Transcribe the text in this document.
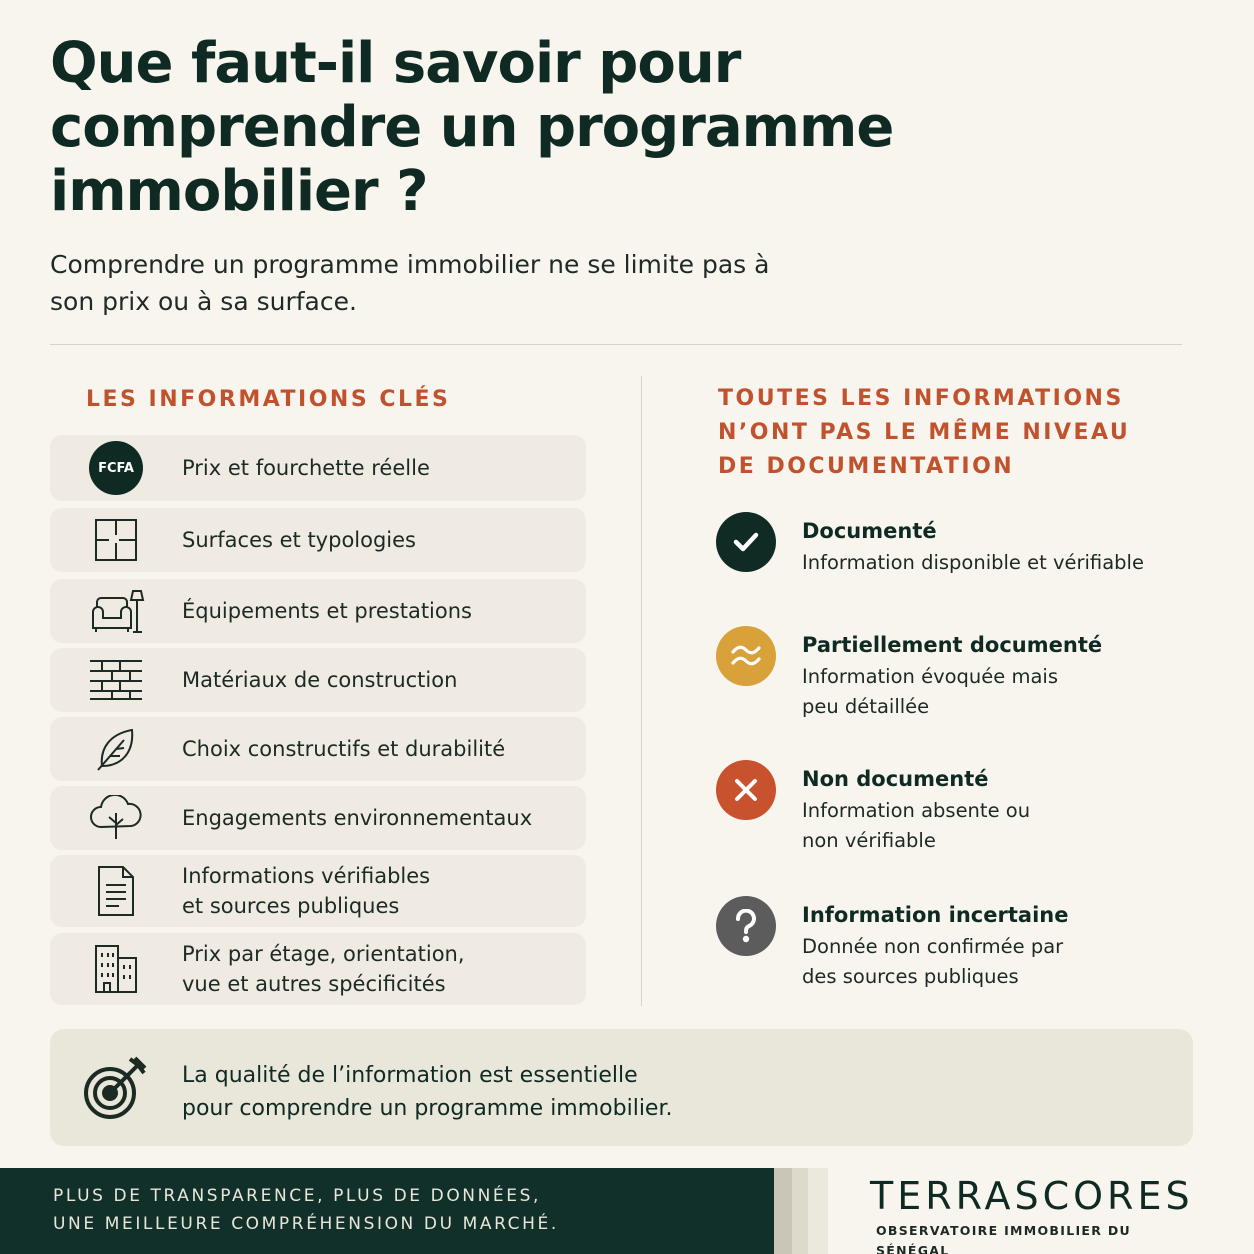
Que faut-il savoir pour comprendre un programme immobilier ?
Comprendre un programme immobilier ne se limite pas à son prix ou à sa surface.
LES INFORMATIONS CLÉS
FCFA	Prix et fourchette réelle
Surfaces et typologies
Équipements et prestations
Matériaux de construction
Choix constructifs et durabilité
Engagements environnementaux
Informations vérifiables
et sources publiques
Prix par étage, orientation,
vue et autres spécificités
TOUTES LES INFORMATIONS N’ONT PAS LE MÊME NIVEAU DE DOCUMENTATION
Documenté
Information disponible et vérifiable
Partiellement documenté
Information évoquée mais
peu détaillée
Non documenté
Information absente ou
non vérifiable
Information incertaine
Donnée non confirmée par
des sources publiques
La qualité de l’information est essentielle
pour comprendre un programme immobilier.
PLUS DE TRANSPARENCE, PLUS DE DONNÉES,
UNE MEILLEURE COMPRÉHENSION DU MARCHÉ.
TERRASCORES
OBSERVATOIRE IMMOBILIER DU SÉNÉGAL
